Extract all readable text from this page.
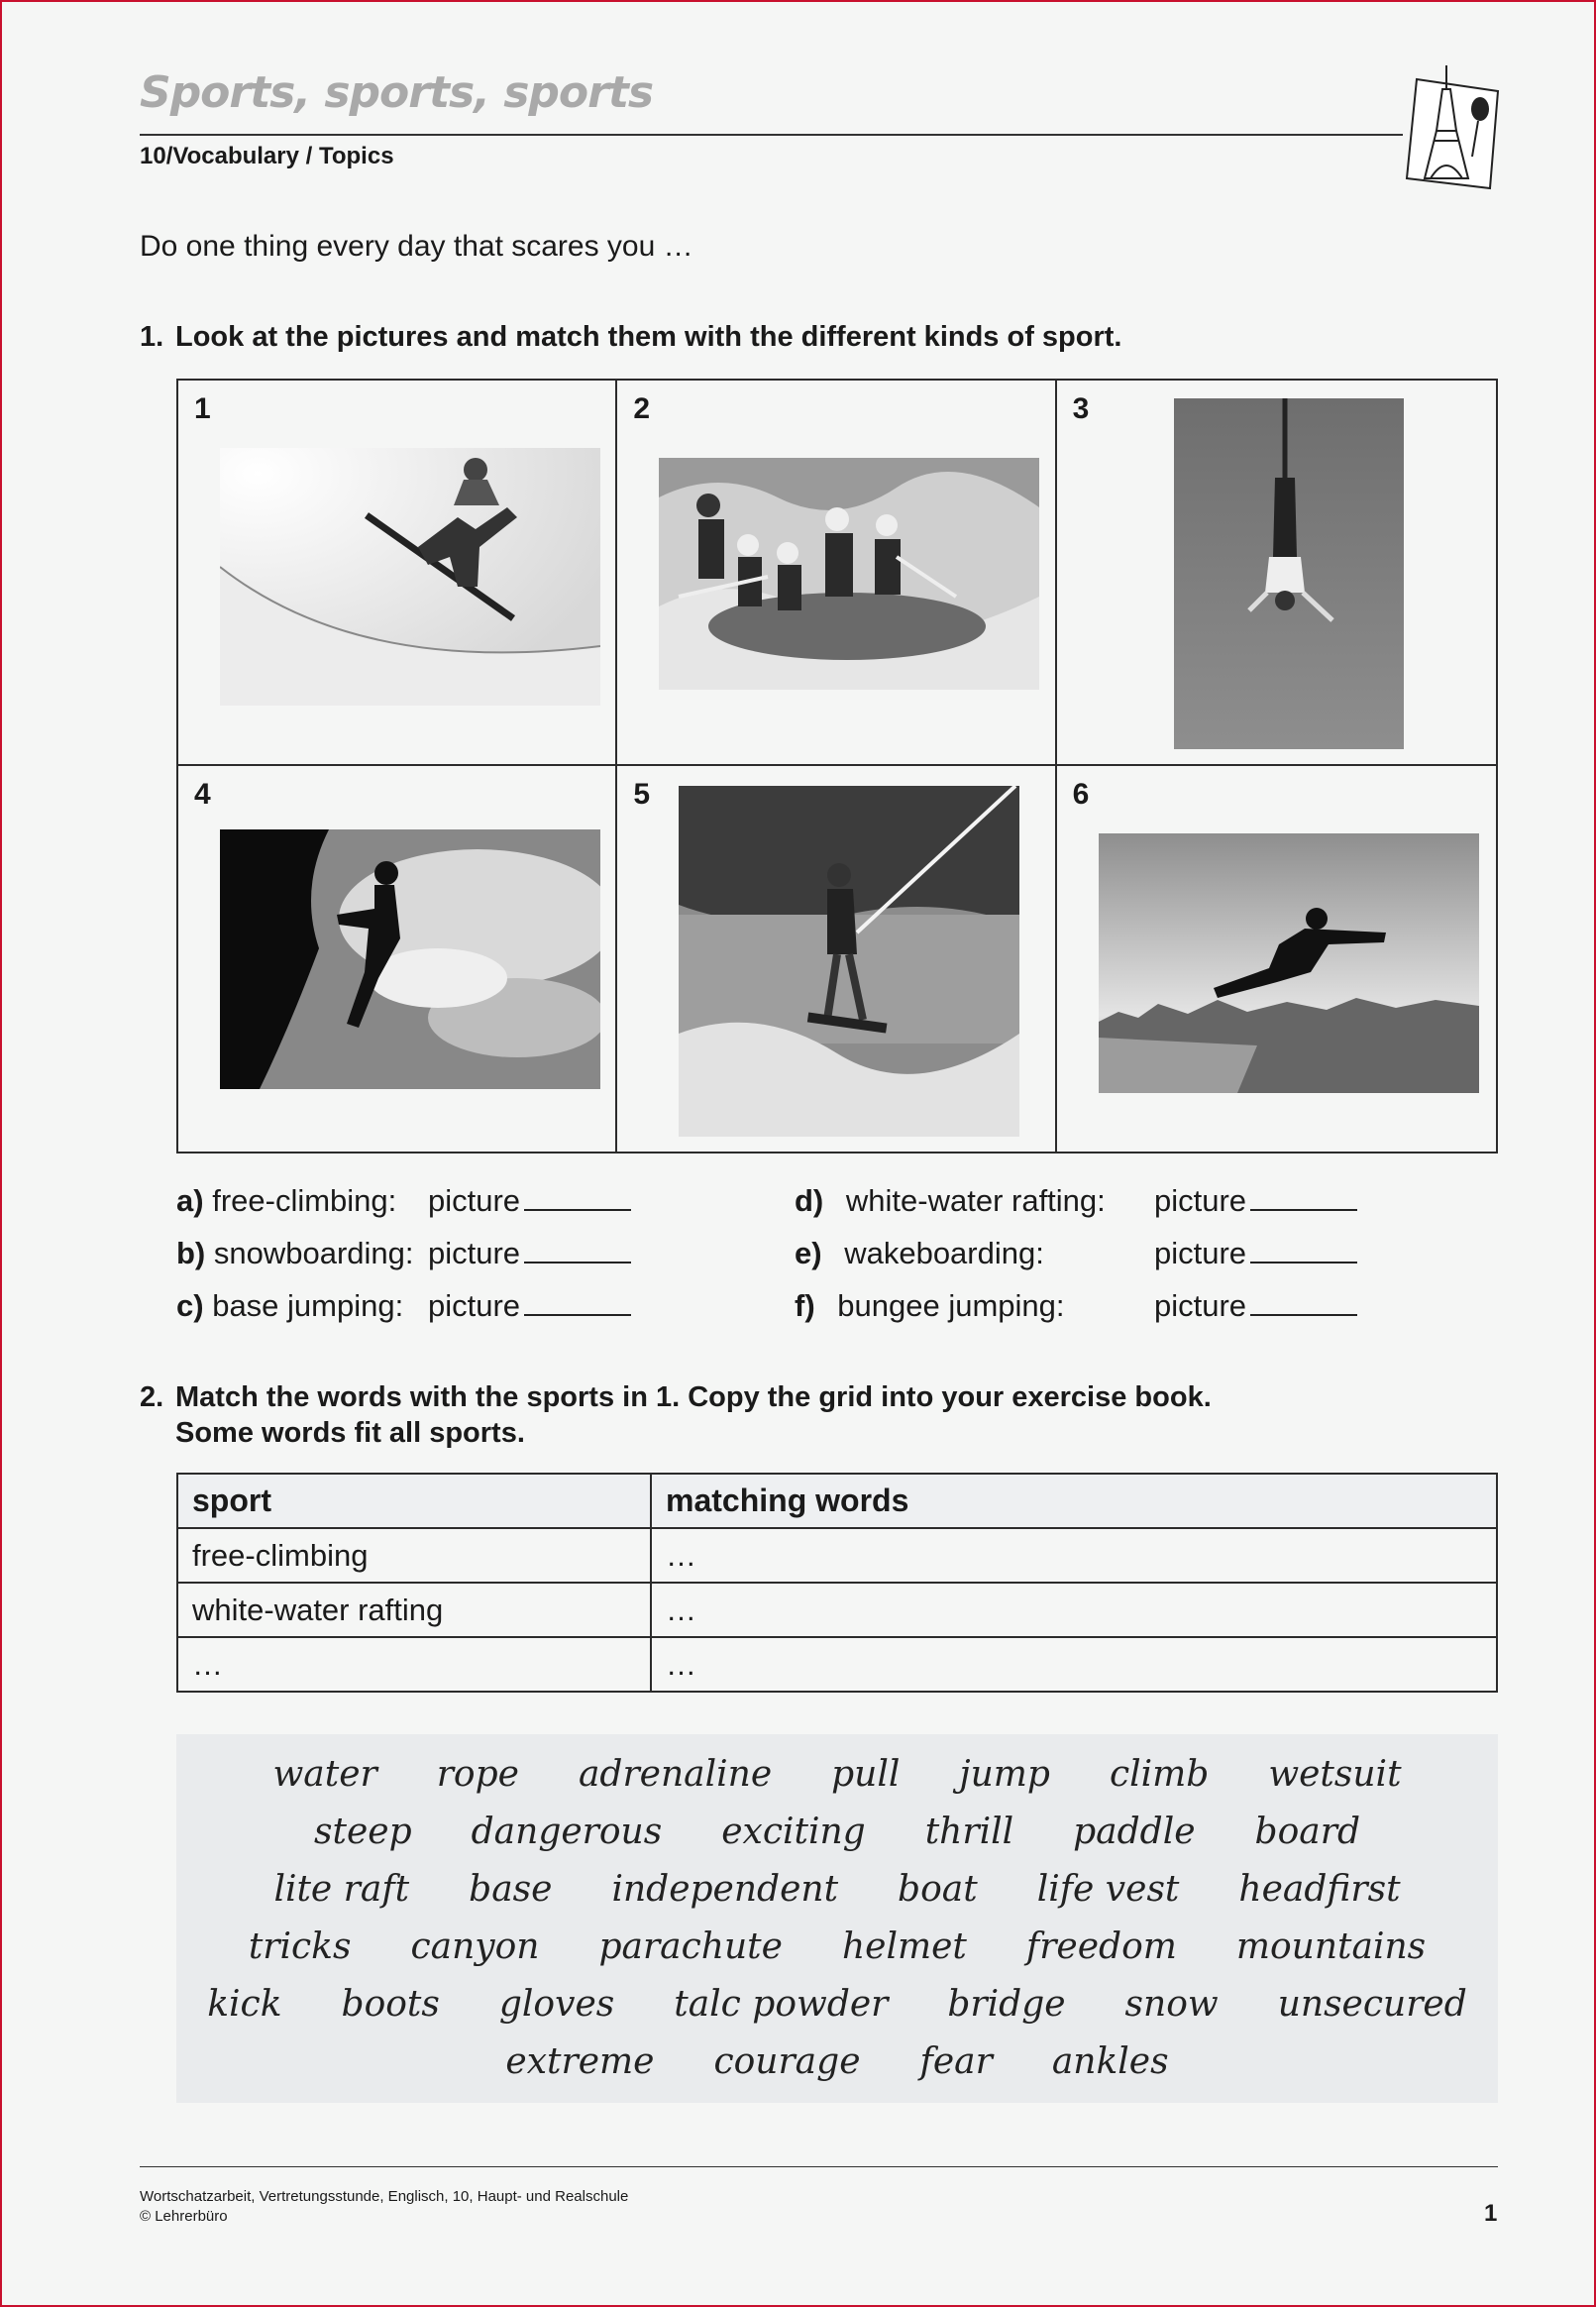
Sports, sports, sports
10/Vocabulary / Topics
Do one thing every day that scares you …
1. Look at the pictures and match them with the different kinds of sport.
1	2	3
4	5	6
a) free-climbing: picture
b) snowboarding: picture
c) base jumping: picture
d) white-water rafting: picture
e) wakeboarding:	picture
f) bungee jumping:	picture
2. Match the words with the sports in 1. Copy the grid into your exercise book.
Some words fit all sports.
sport	matching words
free-climbing	…
white-water rafting	…
…	…
water rope adrenaline pull jump climb wetsuit
steep dangerous exciting thrill paddle board
lite raft base independent boat life vest headfirst
tricks canyon parachute helmet freedom mountains
kick boots gloves talc powder bridge snow unsecured
extreme courage fear ankles
Wortschatzarbeit, Vertretungsstunde, Englisch, 10, Haupt- und Realschule
© Lehrerbüro	1
